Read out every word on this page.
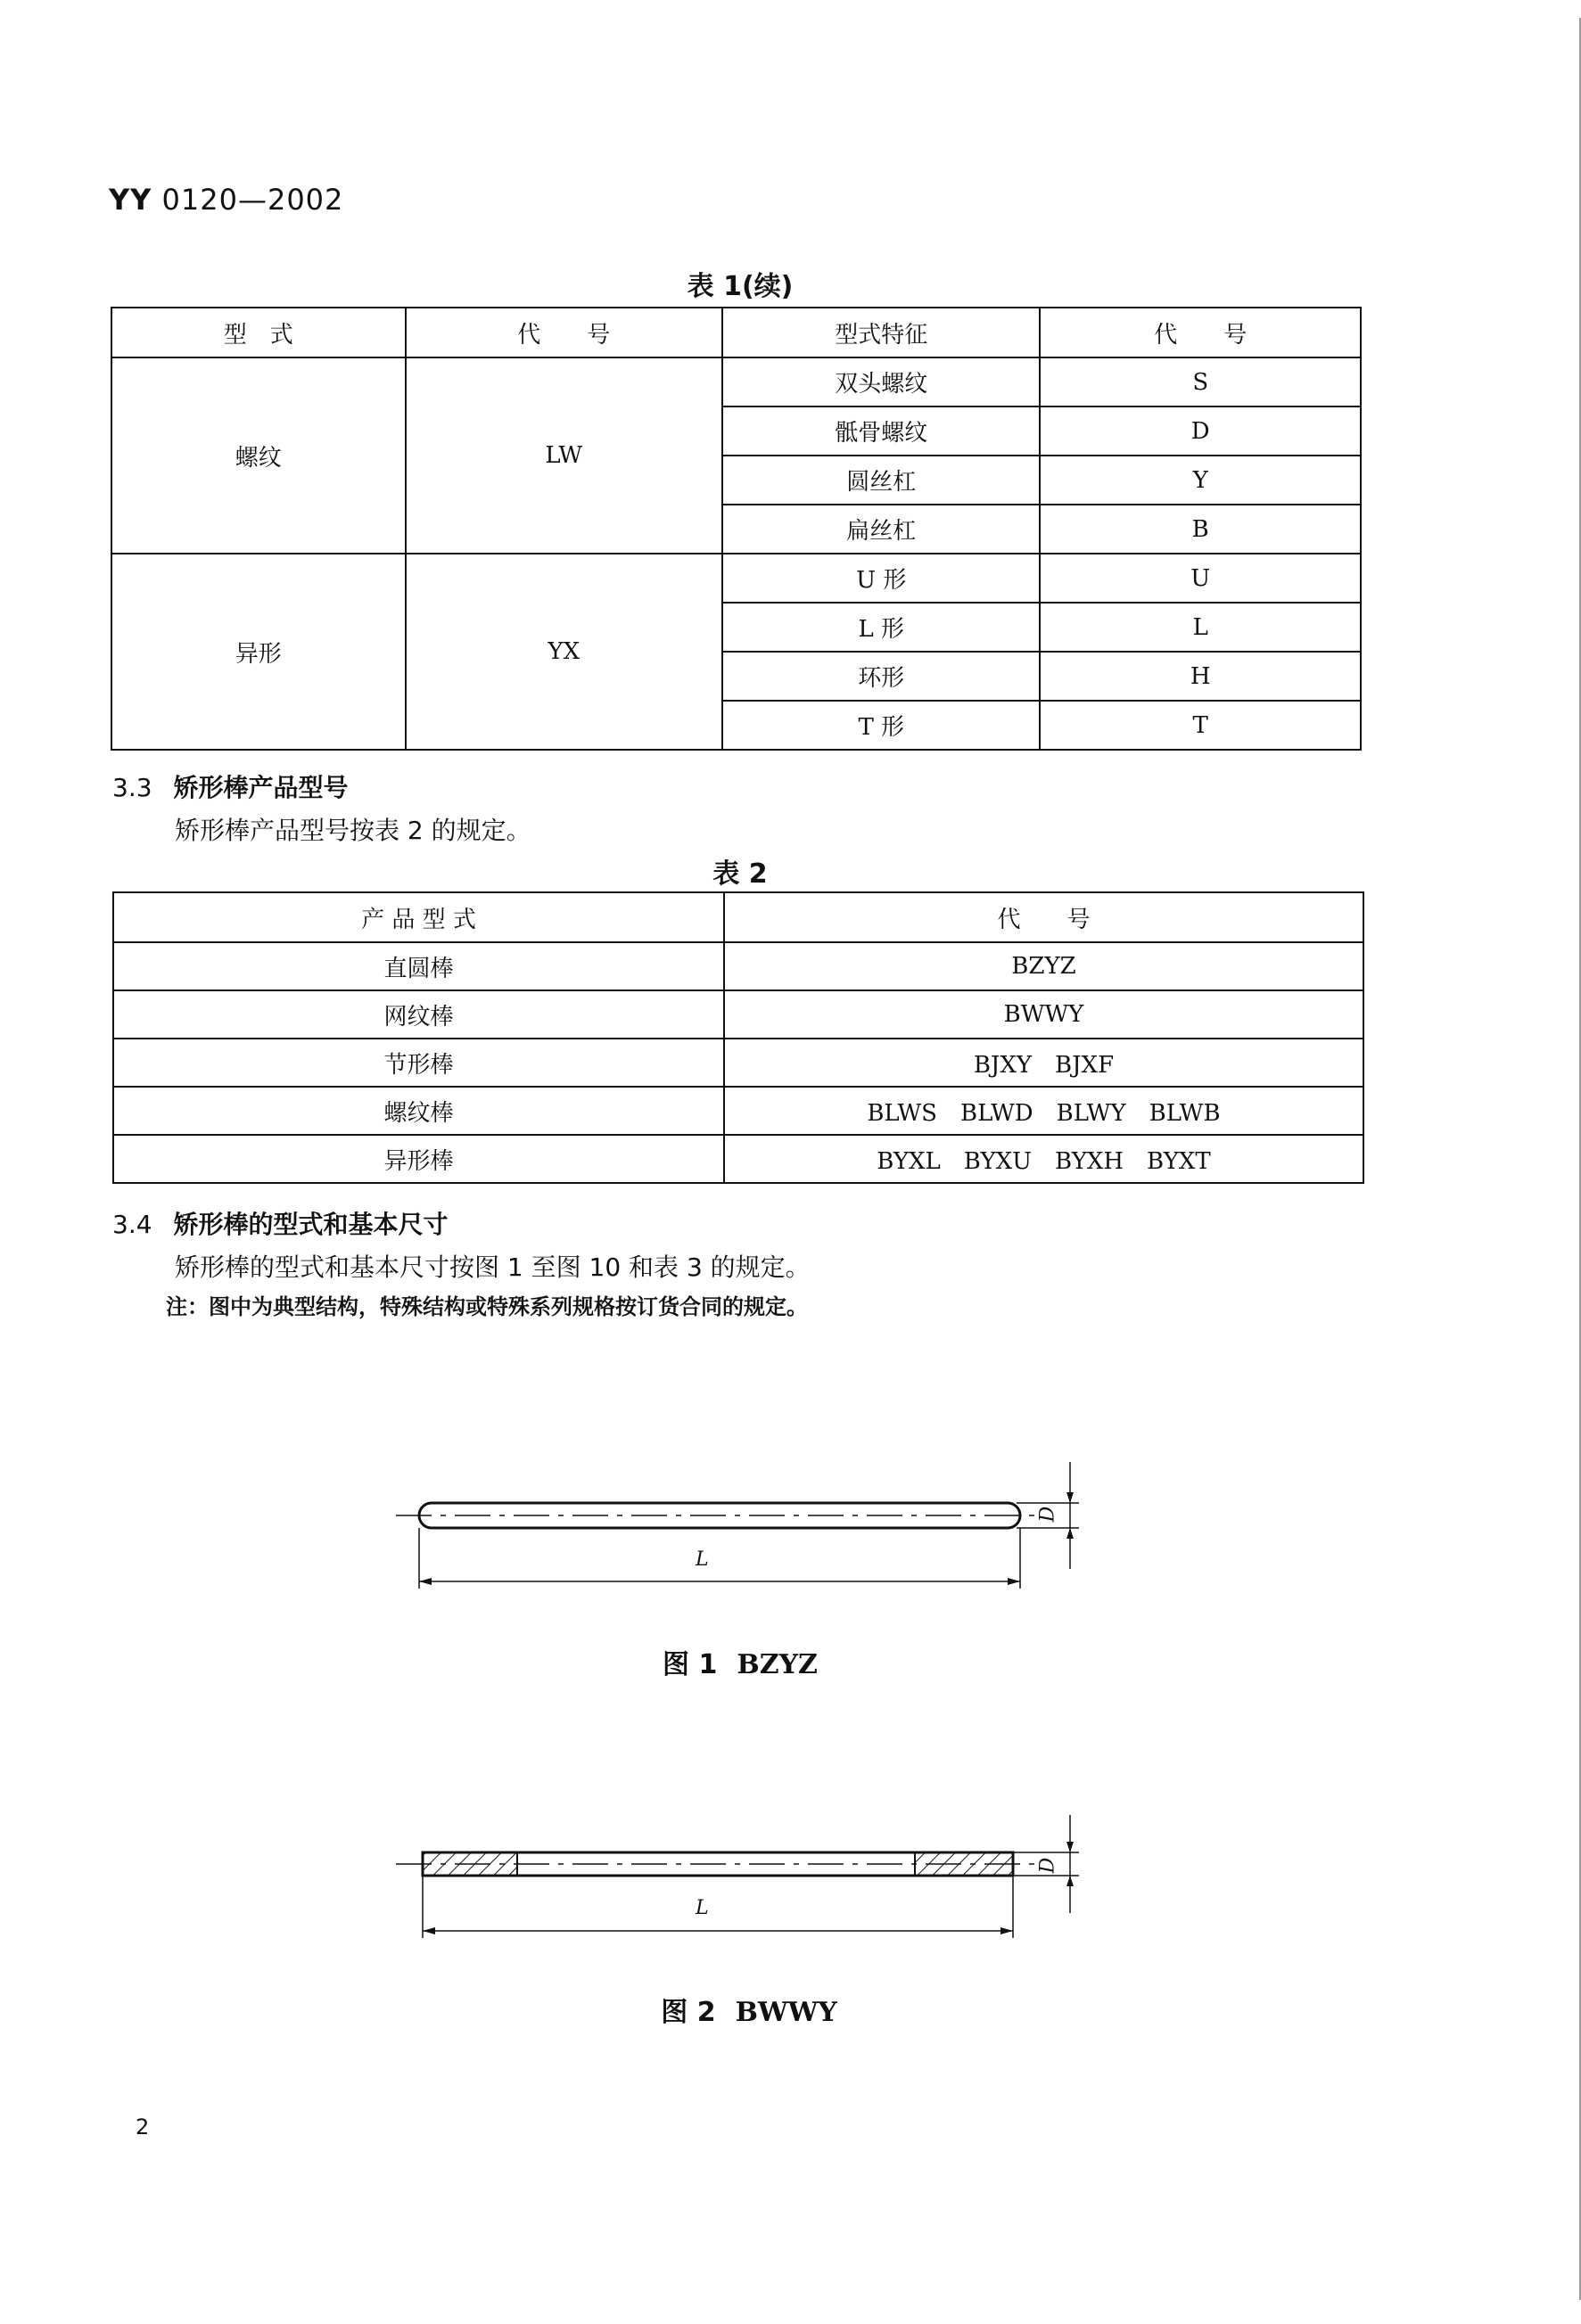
YY 0120—2002
表 1(续)
型　式	代　　号	型式特征	代　　号
螺纹	LW	双头螺纹	S
		骶骨螺纹	D
		圆丝杠	Y
		扁丝杠	B
异形	YX	U 形	U
		L 形	L
		环形	H
		T 形	T
3.3 矫形棒产品型号
矫形棒产品型号按表 2 的规定。
表 2
产 品 型 式	代　　号
直圆棒	BZYZ
网纹棒	BWWY
节形棒	BJXY　BJXF
螺纹棒	BLWS　BLWD　BLWY　BLWB
异形棒	BYXL　BYXU　BYXH　BYXT
3.4 矫形棒的型式和基本尺寸
矫形棒的型式和基本尺寸按图 1 至图 10 和表 3 的规定。
注：图中为典型结构，特殊结构或特殊系列规格按订货合同的规定。
L
D
图 1 BZYZ
L
D
图 2 BWWY
2
